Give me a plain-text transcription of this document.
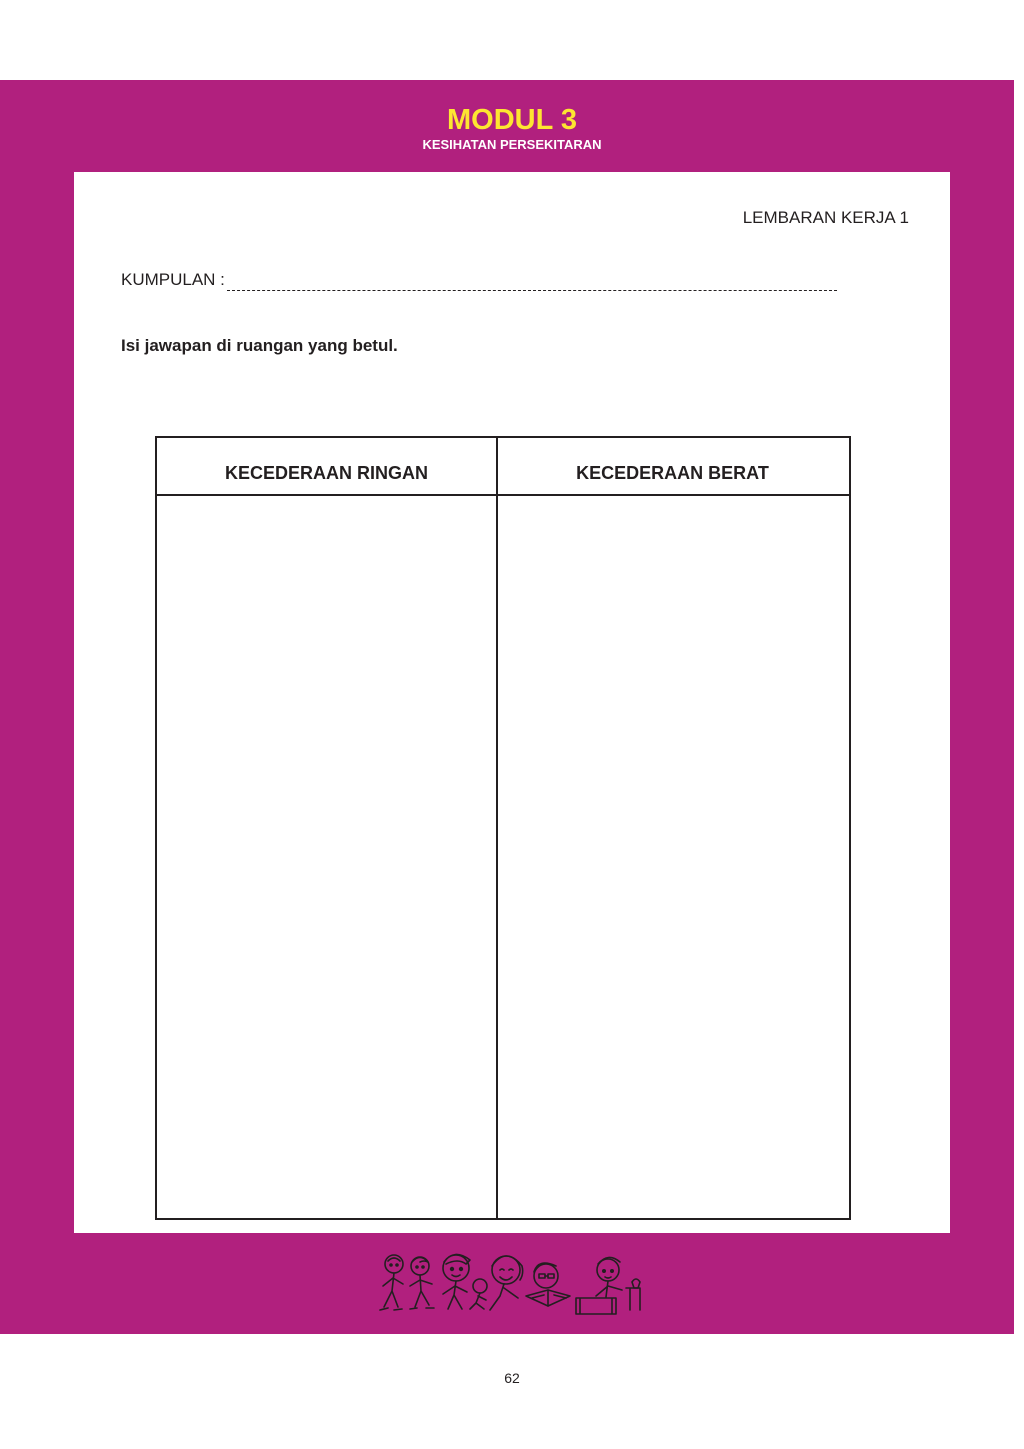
MODUL 3
KESIHATAN PERSEKITARAN
LEMBARAN KERJA 1
KUMPULAN :
Isi jawapan di ruangan yang betul.
KECEDERAAN RINGAN	KECEDERAAN BERAT
62
